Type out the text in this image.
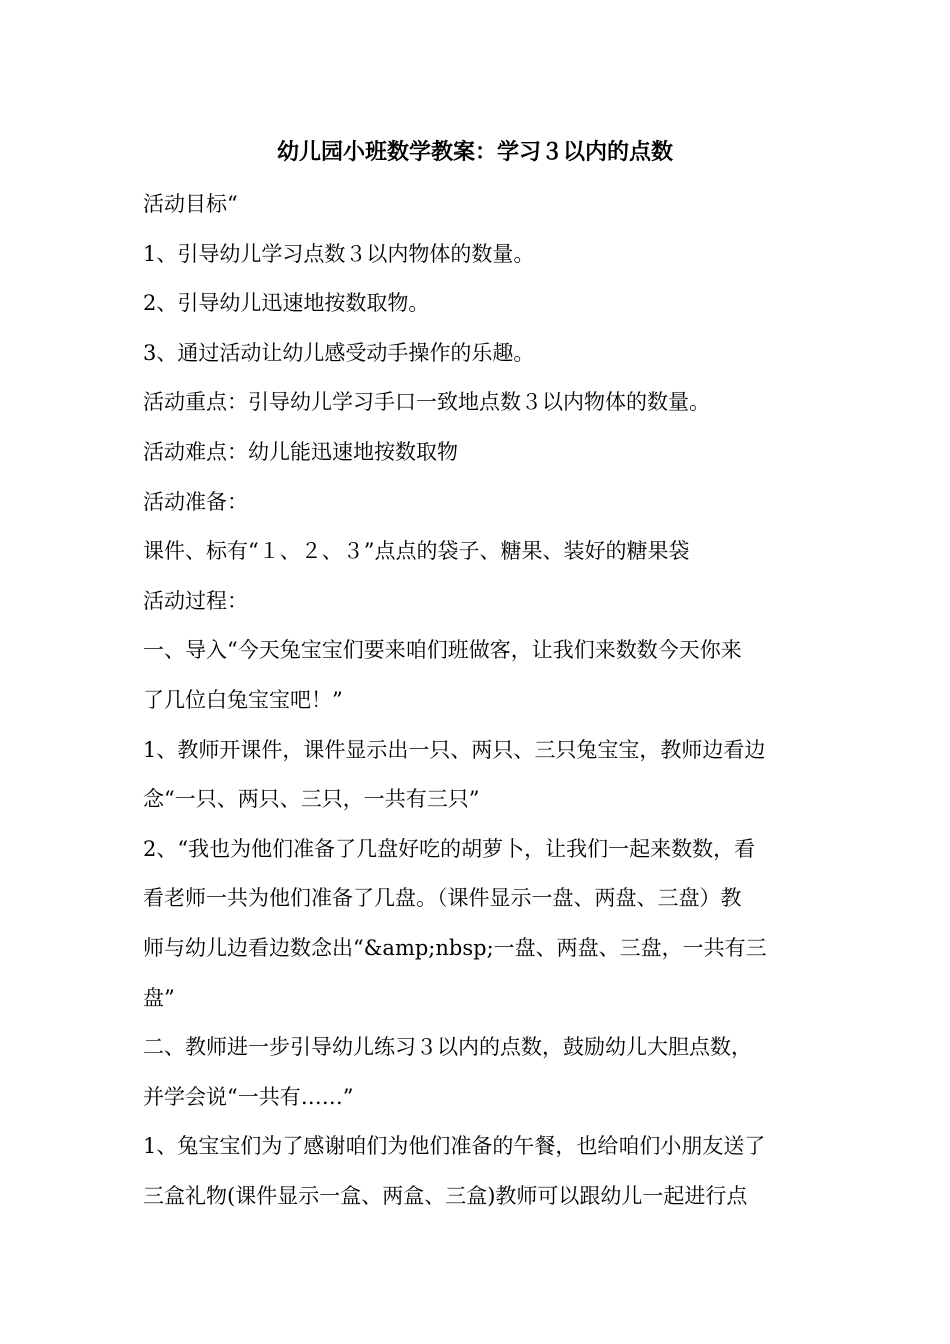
幼儿园小班数学教案：学习３以内的点数

活动目标“

1、引导幼儿学习点数３以内物体的数量。

2、引导幼儿迅速地按数取物。

3、通过活动让幼儿感受动手操作的乐趣。

活动重点：引导幼儿学习手口一致地点数３以内物体的数量。

活动难点：幼儿能迅速地按数取物

活动准备：

课件、标有“１、２、３”点点的袋子、糖果、装好的糖果袋

活动过程：

一、导入“今天兔宝宝们要来咱们班做客，让我们来数数今天你来

了几位白兔宝宝吧！”

1、教师开课件，课件显示出一只、两只、三只兔宝宝，教师边看边

念“一只、两只、三只，一共有三只”

2、“我也为他们准备了几盘好吃的胡萝卜，让我们一起来数数，看

看老师一共为他们准备了几盘。（课件显示一盘、两盘、三盘）教

师与幼儿边看边数念出“&amp;nbsp;一盘、两盘、三盘，一共有三

盘”

二、教师进一步引导幼儿练习３以内的点数，鼓励幼儿大胆点数，

并学会说“一共有……”

1、兔宝宝们为了感谢咱们为他们准备的午餐，也给咱们小朋友送了

三盒礼物(课件显示一盒、两盒、三盒)教师可以跟幼儿一起进行点
